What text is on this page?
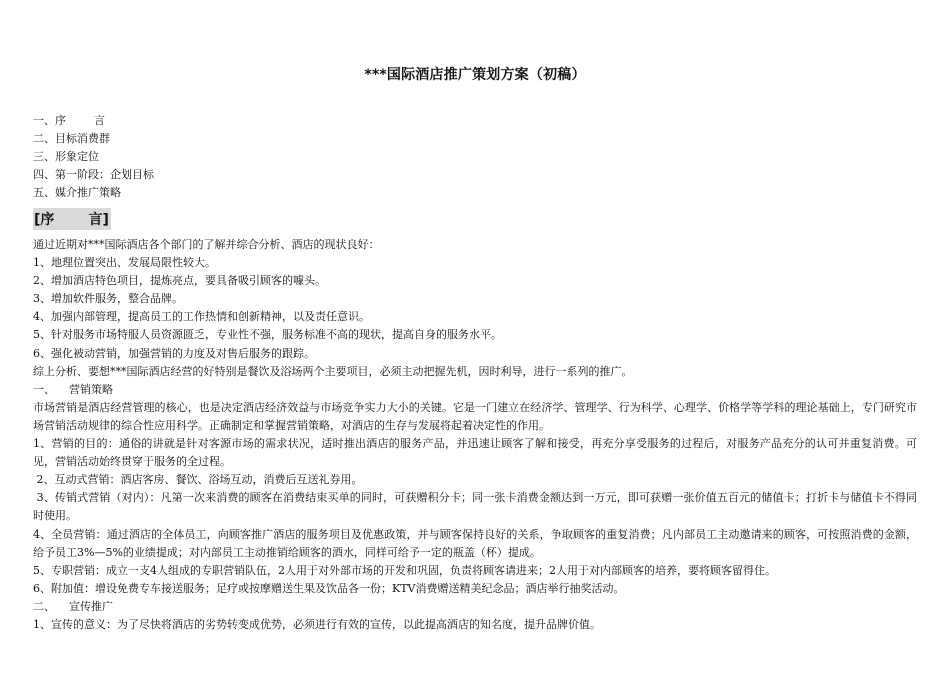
***国际酒店推广策划方案（初稿）
一、序        言
二、目标消费群
三、形象定位
四、第一阶段：企划目标
五、媒介推广策略
[序       言]

通过近期对***国际酒店各个部门的了解并综合分析、酒店的现状良好：

1、地理位置突出、发展局限性较大。

2、增加酒店特色项目，提炼亮点，要具备吸引顾客的噱头。

3、增加软件服务，整合品牌。

4、加强内部管理，提高员工的工作热情和创新精神，以及责任意识。

5、针对服务市场特服人员资源匮乏，专业性不强，服务标准不高的现状，提高自身的服务水平。

6、强化被动营销，加强营销的力度及对售后服务的跟踪。

综上分析、要想***国际酒店经营的好特别是餐饮及浴场两个主要项目，必须主动把握先机，因时利导，进行一系列的推广。

一、    营销策略

市场营销是酒店经营管理的核心，也是决定酒店经济效益与市场竞争实力大小的关键。它是一门建立在经济学、管理学、行为科学、心理学、价格学等学科的理论基础上，专门研究市场营销活动规律的综合性应用科学。正确制定和掌握营销策略，对酒店的生存与发展将起着决定性的作用。

1、营销的目的：通俗的讲就是针对客源市场的需求状况，适时推出酒店的服务产品，并迅速让顾客了解和接受，再充分享受服务的过程后，对服务产品充分的认可并重复消费。可见，营销活动始终贯穿于服务的全过程。

2、互动式营销：酒店客房、餐饮、浴场互动，消费后互送礼券用。

3、传销式营销（对内）：凡第一次来消费的顾客在消费结束买单的同时，可获赠积分卡；同一张卡消费金额达到一万元，即可获赠一张价值五百元的储值卡；打折卡与储值卡不得同时使用。

4、全员营销：通过酒店的全体员工，向顾客推广酒店的服务项目及优惠政策，并与顾客保持良好的关系，争取顾客的重复消费；凡内部员工主动邀请来的顾客，可按照消费的金额，给予员工3%—5%的业绩提成；对内部员工主动推销给顾客的酒水，同样可给予一定的瓶盖（杯）提成。

5、专职营销：成立一支4人组成的专职营销队伍，2人用于对外部市场的开发和巩固，负责将顾客请进来；2人用于对内部顾客的培养，要将顾客留得住。

6、附加值：增设免费专车接送服务；足疗或按摩赠送生果及饮品各一份；KTV消费赠送精美纪念品；酒店举行抽奖活动。

二、    宣传推广

1、宣传的意义：为了尽快将酒店的劣势转变成优势，必须进行有效的宣传，以此提高酒店的知名度，提升品牌价值。
